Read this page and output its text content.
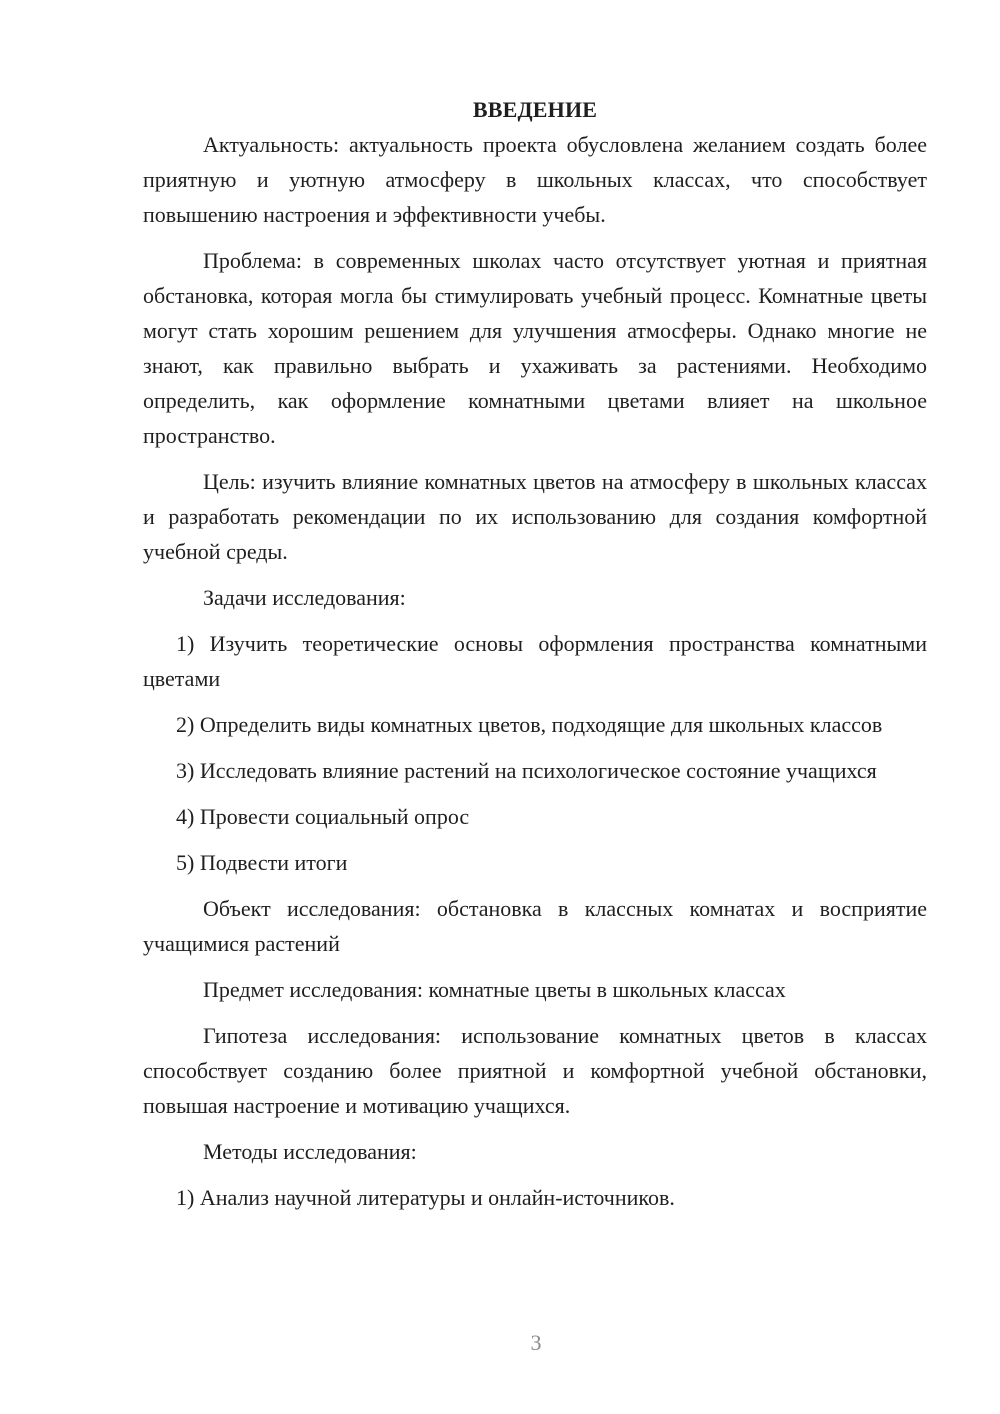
ВВЕДЕНИЕ

Актуальность: актуальность проекта обусловлена желанием создать более приятную и уютную атмосферу в школьных классах, что способствует повышению настроения и эффективности учебы.

Проблема: в современных школах часто отсутствует уютная и приятная обстановка, которая могла бы стимулировать учебный процесс. Комнатные цветы могут стать хорошим решением для улучшения атмосферы. Однако многие не знают, как правильно выбрать и ухаживать за растениями. Необходимо определить, как оформление комнатными цветами влияет на школьное пространство.

Цель: изучить влияние комнатных цветов на атмосферу в школьных классах и разработать рекомендации по их использованию для создания комфортной учебной среды.

Задачи исследования:

1) Изучить теоретические основы оформления пространства комнатными цветами

2) Определить виды комнатных цветов, подходящие для школьных классов

3) Исследовать влияние растений на психологическое состояние учащихся

4) Провести социальный опрос

5) Подвести итоги

Объект исследования: обстановка в классных комнатах и восприятие учащимися растений

Предмет исследования: комнатные цветы в школьных классах

Гипотеза исследования: использование комнатных цветов в классах способствует созданию более приятной и комфортной учебной обстановки, повышая настроение и мотивацию учащихся.

Методы исследования:

1) Анализ научной литературы и онлайн-источников.

3
